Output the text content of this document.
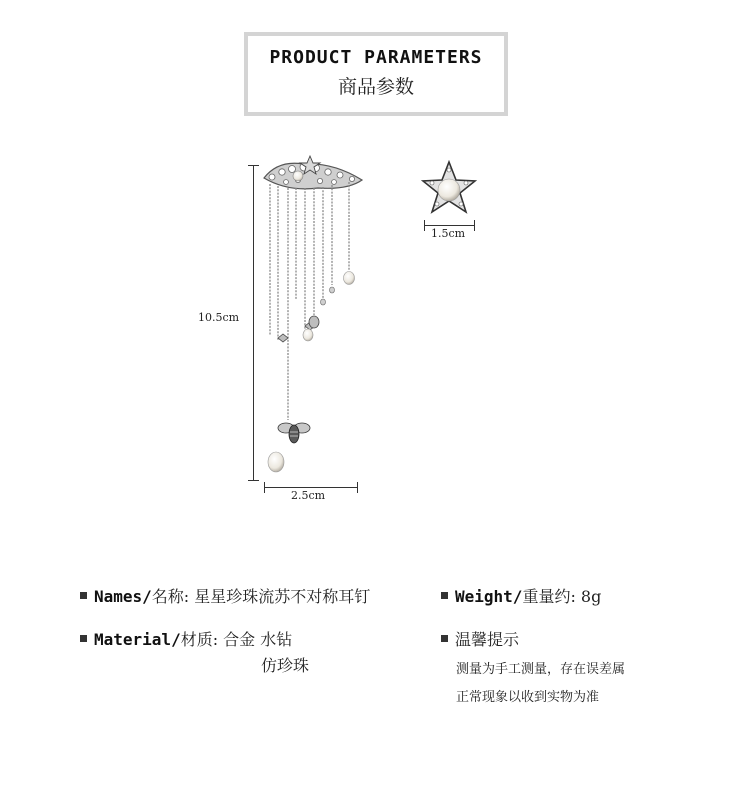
PRODUCT PARAMETERS
商品参数
10.5cm
2.5cm
1.5cm
Names/名称: 星星珍珠流苏不对称耳钉	Weight/重量约: 8g
Material/材质: 合金 水钻
仿珍珠
温馨提示
测量为手工测量，存在误差属
正常现象以收到实物为准
